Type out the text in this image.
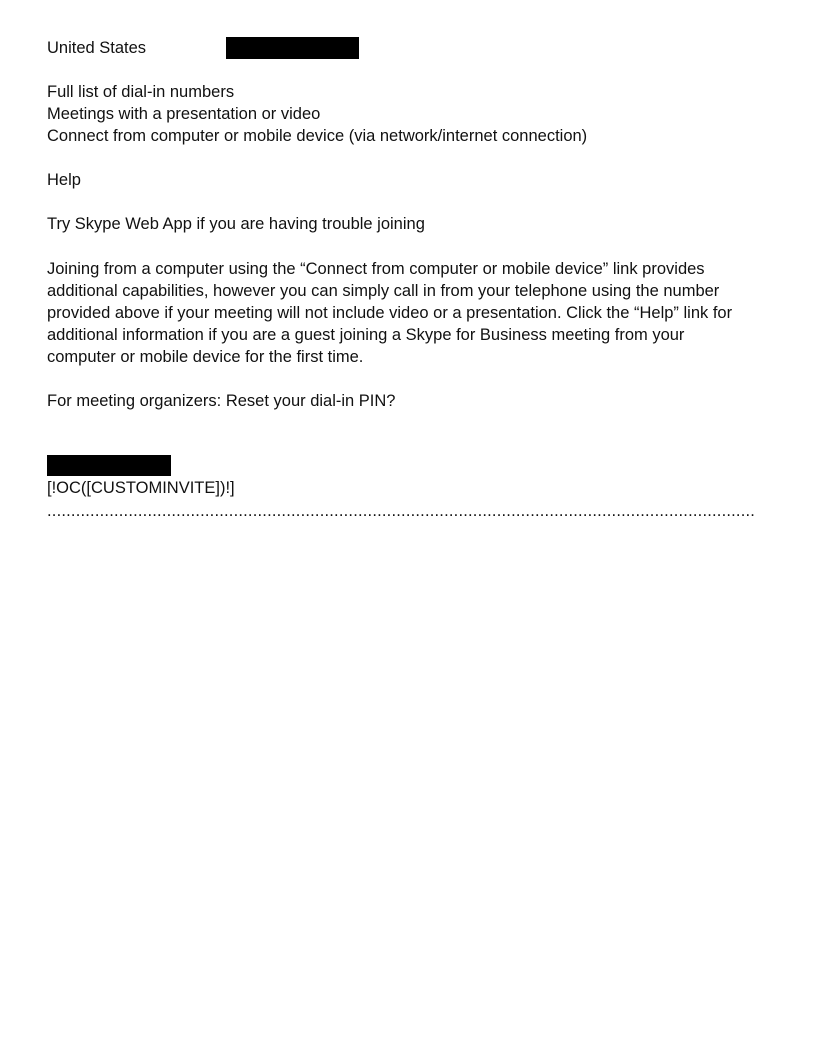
United States
Full list of dial-in numbers
Meetings with a presentation or video
Connect from computer or mobile device (via network/internet connection)
Help
Try Skype Web App if you are having trouble joining
Joining from a computer using the “Connect from computer or mobile device” link provides
additional capabilities, however you can simply call in from your telephone using the number
provided above if your meeting will not include video or a presentation. Click the “Help” link for
additional information if you are a guest joining a Skype for Business meeting from your
computer or mobile device for the first time.
For meeting organizers: Reset your dial-in PIN?
[!OC([CUSTOMINVITE])!]
....................................................................................................................................................
